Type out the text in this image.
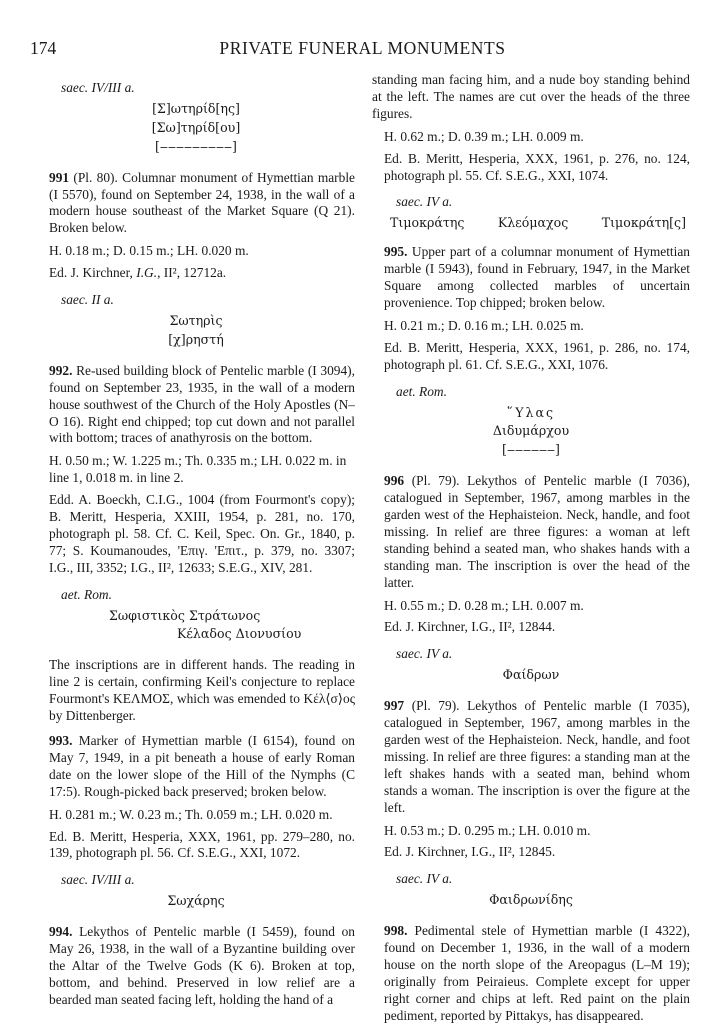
174	PRIVATE FUNERAL MONUMENTS
saec. IV/III a.
[Σ]ωτηρίδ[ης]
[Σω]τηρίδ[ου]
[‒‒‒‒‒‒‒‒‒]
991 (Pl. 80). Columnar monument of Hymettian marble (I 5570), found on September 24, 1938, in the wall of a modern house southeast of the Market Square (Q 21). Broken below.
H. 0.18 m.; D. 0.15 m.; LH. 0.020 m.
Ed. J. Kirchner, I.G., II², 12712a.
saec. II a.
Σωτηρὶς
[χ]ρηστή
992. Re-used building block of Pentelic marble (I 3094), found on September 23, 1935, in the wall of a modern house southwest of the Church of the Holy Apostles (N–O 16). Right end chipped; top cut down and not parallel with bottom; traces of anathyrosis on the bottom.
H. 0.50 m.; W. 1.225 m.; Th. 0.335 m.; LH. 0.022 m. in line 1, 0.018 m. in line 2.
Edd. A. Boeckh, C.I.G., 1004 (from Fourmont's copy); B. Meritt, Hesperia, XXIII, 1954, p. 281, no. 170, photograph pl. 58. Cf. C. Keil, Spec. On. Gr., 1840, p. 77; S. Koumanoudes, 'Επιγ. 'Επιτ., p. 379, no. 3307; I.G., III, 3352; I.G., II², 12633; S.E.G., XIV, 281.
aet. Rom.
Σωφιστικὸς Στράτωνος
Κέλαδος Διονυσίου
The inscriptions are in different hands. The reading in line 2 is certain, confirming Keil's conjecture to replace Fourmont's ΚΕΛΜΟΣ, which was emended to Κέλ⟨σ⟩ος by Dittenberger.
993. Marker of Hymettian marble (I 6154), found on May 7, 1949, in a pit beneath a house of early Roman date on the lower slope of the Hill of the Nymphs (C 17:5). Rough-picked back preserved; broken below.
H. 0.281 m.; W. 0.23 m.; Th. 0.059 m.; LH. 0.020 m.
Ed. B. Meritt, Hesperia, XXX, 1961, pp. 279–280, no. 139, photograph pl. 56. Cf. S.E.G., XXI, 1072.
saec. IV/III a.
Σωχάρης
994. Lekythos of Pentelic marble (I 5459), found on May 26, 1938, in the wall of a Byzantine building over the Altar of the Twelve Gods (K 6). Broken at top, bottom, and behind. Preserved in low relief are a bearded man seated facing left, holding the hand of a
standing man facing him, and a nude boy standing behind at the left. The names are cut over the heads of the three figures.
H. 0.62 m.; D. 0.39 m.; LH. 0.009 m.
Ed. B. Meritt, Hesperia, XXX, 1961, p. 276, no. 124, photograph pl. 55. Cf. S.E.G., XXI, 1074.
saec. IV a.
Τιμοκράτης	Κλεόμαχος	Τιμοκράτη[ς]
995. Upper part of a columnar monument of Hymettian marble (I 5943), found in February, 1947, in the Market Square among collected marbles of uncertain provenience. Top chipped; broken below.
H. 0.21 m.; D. 0.16 m.; LH. 0.025 m.
Ed. B. Meritt, Hesperia, XXX, 1961, p. 286, no. 174, photograph pl. 61. Cf. S.E.G., XXI, 1076.
aet. Rom.
῞Υλας
Διδυμάρχου
[‒‒‒‒‒‒]
996 (Pl. 79). Lekythos of Pentelic marble (I 7036), catalogued in September, 1967, among marbles in the garden west of the Hephaisteion. Neck, handle, and foot missing. In relief are three figures: a woman at left standing behind a seated man, who shakes hands with a standing man. The inscription is over the head of the latter.
H. 0.55 m.; D. 0.28 m.; LH. 0.007 m.
Ed. J. Kirchner, I.G., II², 12844.
saec. IV a.
Φαίδρων
997 (Pl. 79). Lekythos of Pentelic marble (I 7035), catalogued in September, 1967, among marbles in the garden west of the Hephaisteion. Neck, handle, and foot missing. In relief are three figures: a standing man at the left shakes hands with a seated man, behind whom stands a woman. The inscription is over the figure at the left.
H. 0.53 m.; D. 0.295 m.; LH. 0.010 m.
Ed. J. Kirchner, I.G., II², 12845.
saec. IV a.
Φαιδρωνίδης
998. Pedimental stele of Hymettian marble (I 4322), found on December 1, 1936, in the wall of a modern house on the north slope of the Areopagus (L–M 19); originally from Peiraieus. Complete except for upper right corner and chips at left. Red paint on the plain pediment, reported by Pittakys, has disappeared.
